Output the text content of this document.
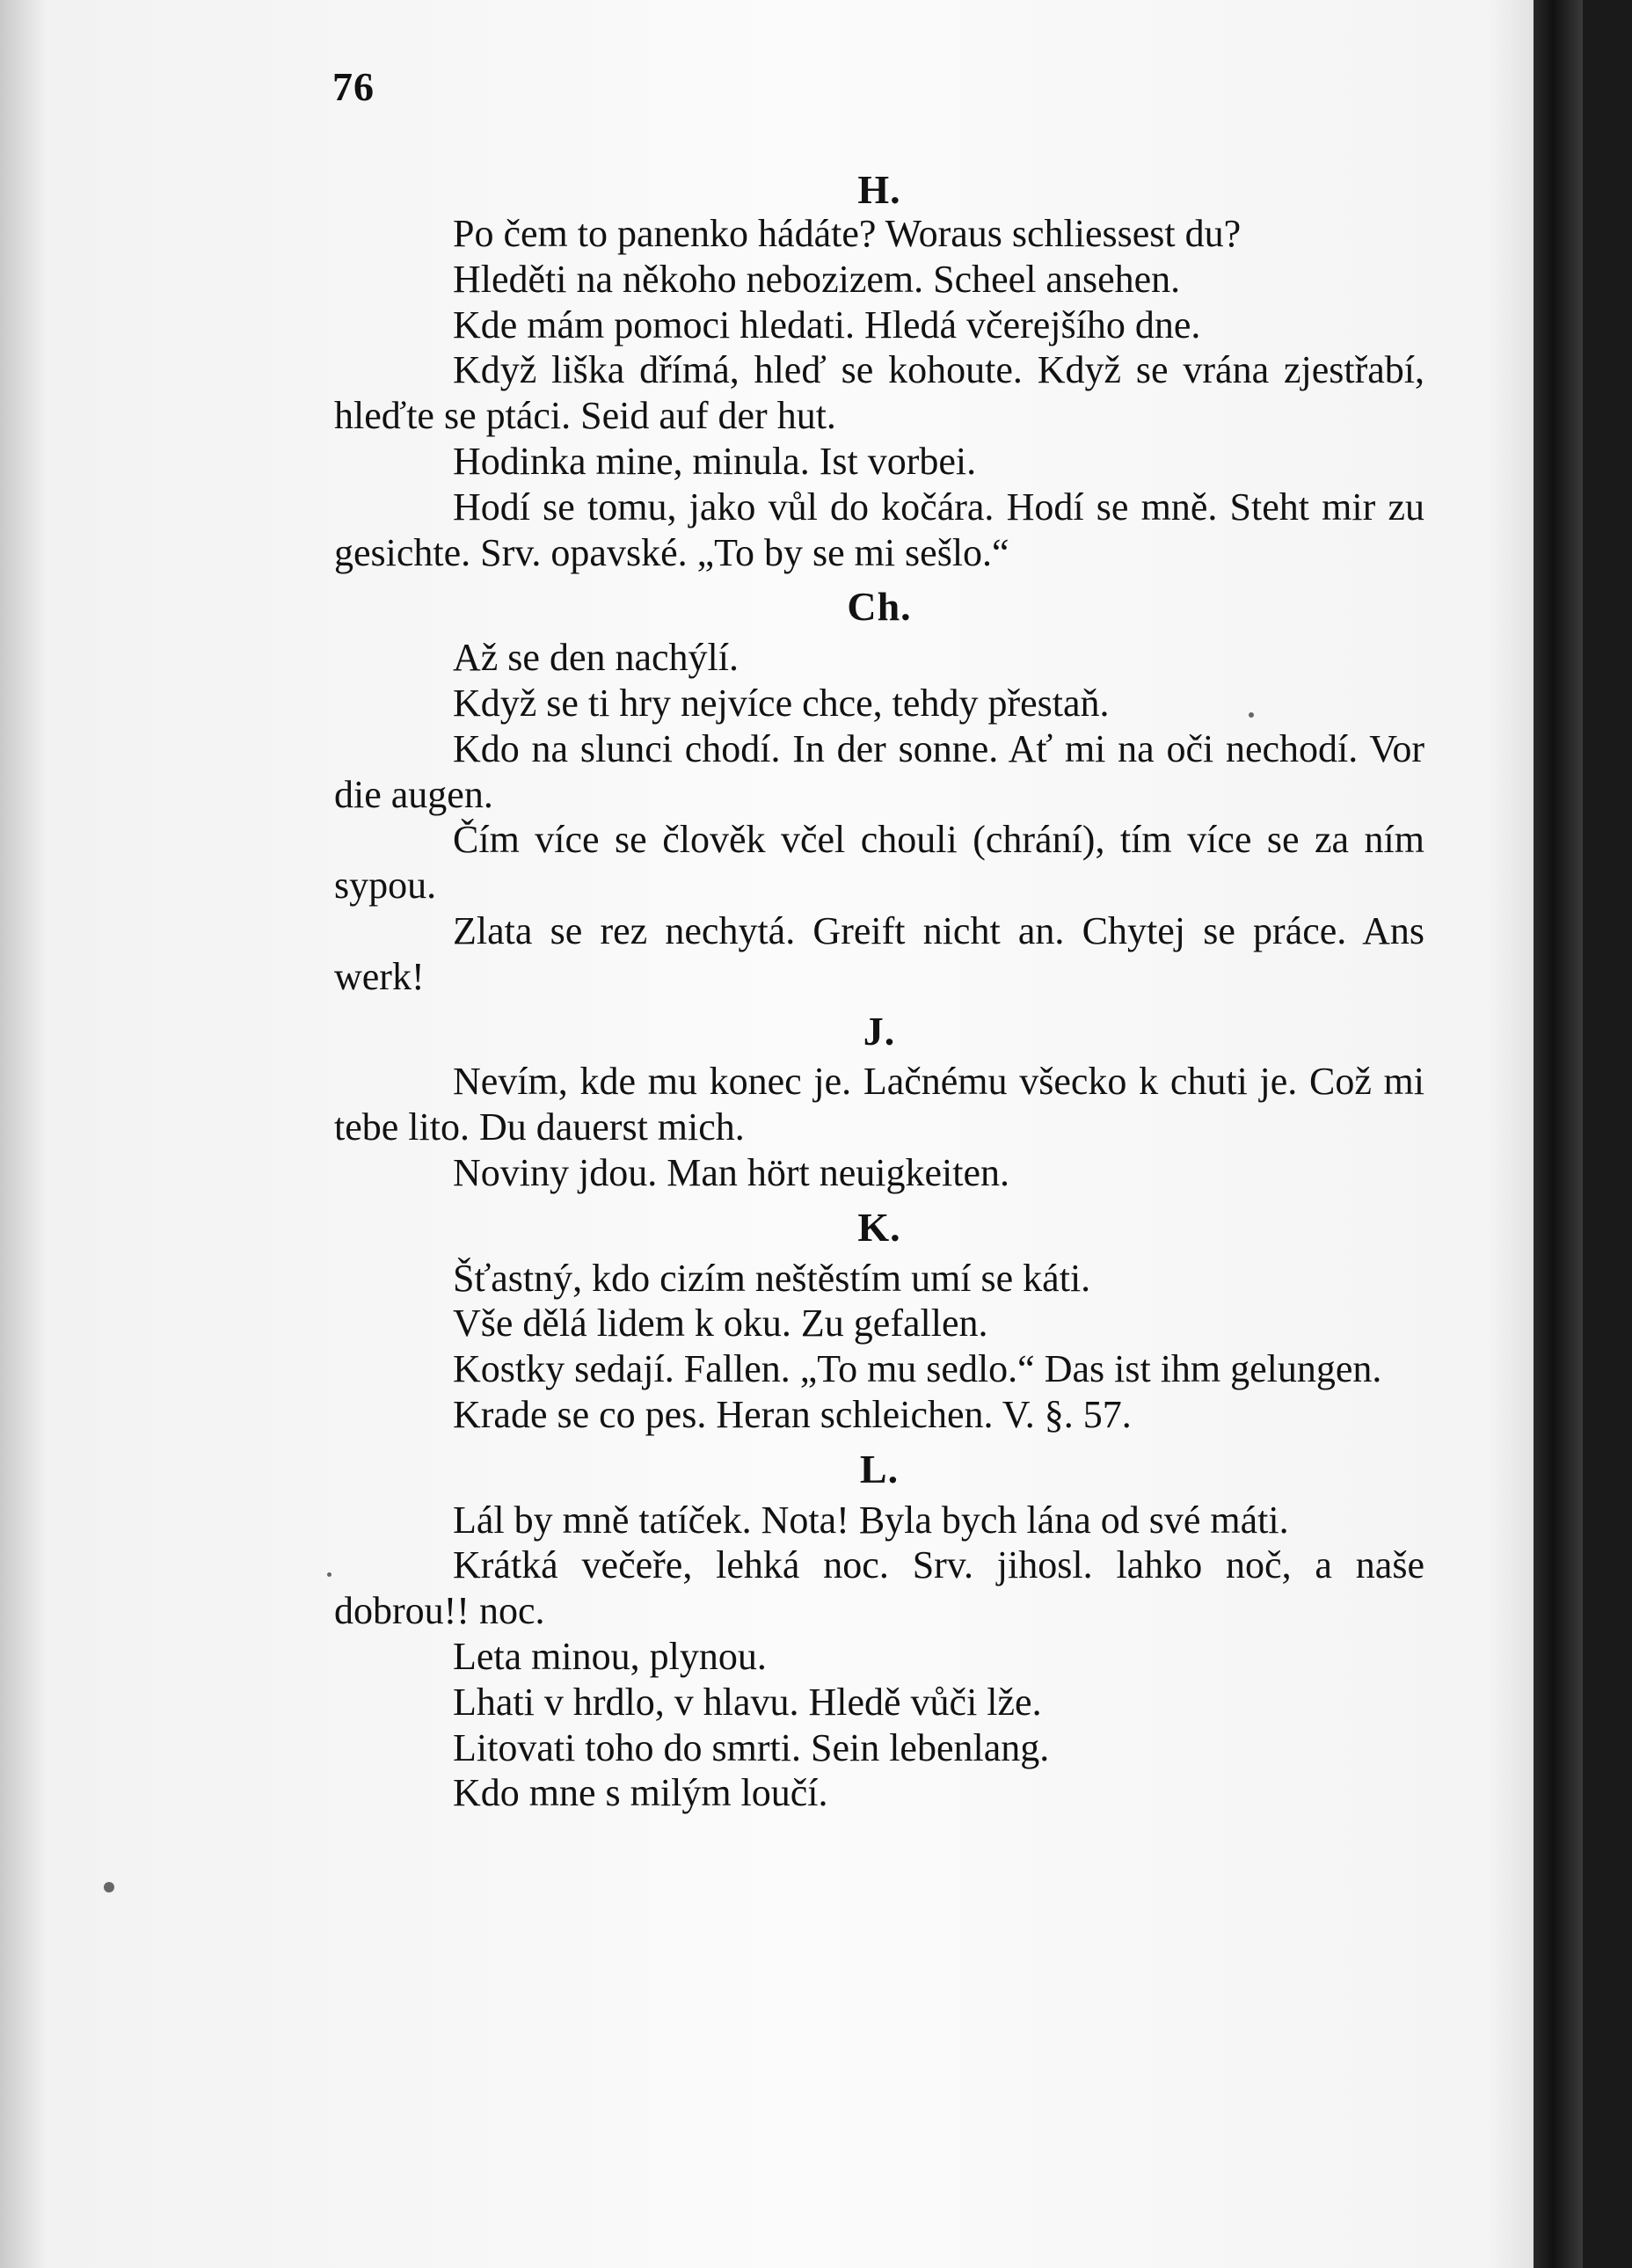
76

H.

Po čem to panenko hádáte? Woraus schliessest du?

Hleděti na někoho nebozizem. Scheel ansehen.

Kde mám pomoci hledati. Hledá včerejšího dne.

Když liška dřímá, hleď se kohoute. Když se vrána zjestřabí, hleďte se ptáci. Seid auf der hut.

Hodinka mine, minula. Ist vorbei.

Hodí se tomu, jako vůl do kočára. Hodí se mně. Steht mir zu gesichte. Srv. opavské. „To by se mi sešlo.“

Ch.

Až se den nachýlí.

Když se ti hry nejvíce chce, tehdy přestaň.

Kdo na slunci chodí. In der sonne. Ať mi na oči nechodí. Vor die augen.

Čím více se člověk včel chouli (chrání), tím více se za ním sypou.

Zlata se rez nechytá. Greift nicht an. Chytej se práce. Ans werk!

J.

Nevím, kde mu konec je. Lačnému všecko k chuti je. Což mi tebe lito. Du dauerst mich.

Noviny jdou. Man hört neuigkeiten.

K.

Šťastný, kdo cizím neštěstím umí se káti.

Vše dělá lidem k oku. Zu gefallen.

Kostky sedají. Fallen. „To mu sedlo.“ Das ist ihm gelungen.

Krade se co pes. Heran schleichen. V. §. 57.

L.

Lál by mně tatíček. Nota! Byla bych lána od své máti.

Krátká večeře, lehká noc. Srv. jihosl. lahko noč, a naše dobrou!! noc.

Leta minou, plynou.

Lhati v hrdlo, v hlavu. Hledě vůči lže.

Litovati toho do smrti. Sein lebenlang.

Kdo mne s milým loučí.
